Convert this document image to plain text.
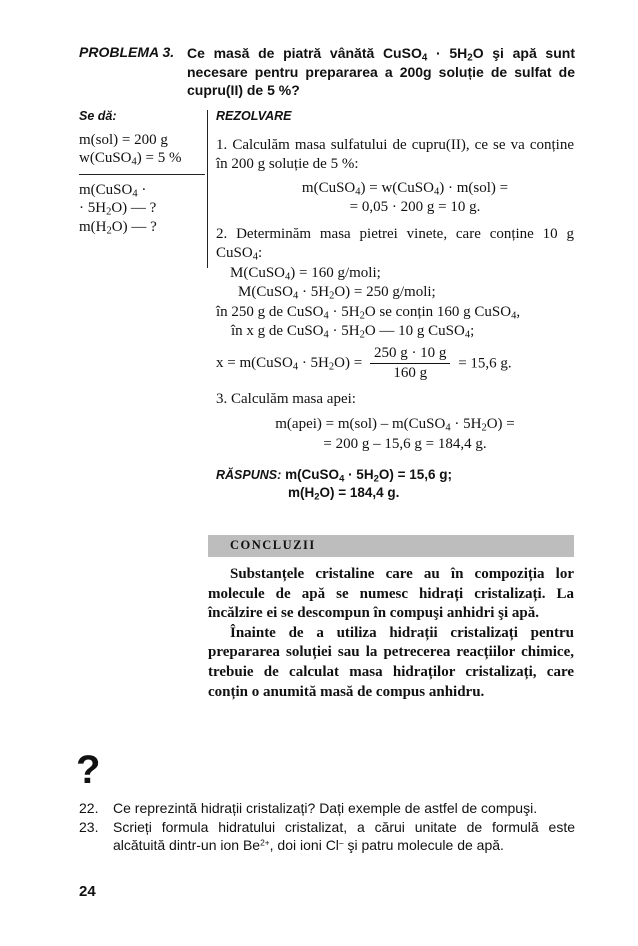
PROBLEMA 3. Ce masă de piatră vânătă CuSO$_4$ · $5H_2O$ şi apă sunt necesare pentru prepararea a 200g soluție de sulfat de cupru(II) de 5 %?
Se dă:
m(sol) = 200 g
w(CuSO$_4$) = 5 %
m(CuSO$_4$ ·
· $5H_2O$) — ?
$m(H_2O)$ — ?
REZOLVARE
1. Calculăm masa sulfatului de cupru(II), ce se va conține în 200 g soluție de 5 %:
m(CuSO$_4$) = w(CuSO$_4$) · m(sol) =
= 0,05 · 200 g = 10 g.
2. Determinăm masa pietrei vinete, care conține 10 g CuSO$_4$:
M(CuSO$_4$) = 160 g/moli;
M(CuSO$_4$ · $5H_2O) = 250$ g/moli;
în 250 g de CuSO$_4$ · $5H_2O$ se conțin 160 g CuSO$_4$,
în x g de CuSO$_4$ · $5H_2O$ — 10 g CuSO$_4$;
x = m(CuSO$_4$ · $5H_2O) = \frac{250 g \cdot 10 g}{160 g} = 15,6$ g.
3. Calculăm masa apei:
m(apei) = m(sol) – m(CuSO$_4$ · $5H_2O$) =
= 200 g – 15,6 g = 184,4 g.
RĂSPUNS: m(CuSO$_4$ · $5H_2O) = 15,6$ g;
$m(H_2O) = 184,4$ g.
CONCLUZII

Substanțele cristaline care au în compoziția lor molecule de apă se numesc hidrați cristalizați. La încălzire ei se descompun în compuşi anhidri şi apă.

Înainte de a utiliza hidrații cristalizați pentru prepararea soluției sau la petrecerea reacțiilor chimice, trebuie de calculat masa hidraților cristalizați, care conțin o anumită masă de compus anhidru.

?
22.	Ce reprezintă hidrații cristalizați? Dați exemple de astfel de compuşi.
23.	Scrieți formula hidratului cristalizat, a cărui unitate de formulă este alcătuită dintr-un ion $Be^{2+}$, doi ioni Cl– şi patru molecule de apă.
24
